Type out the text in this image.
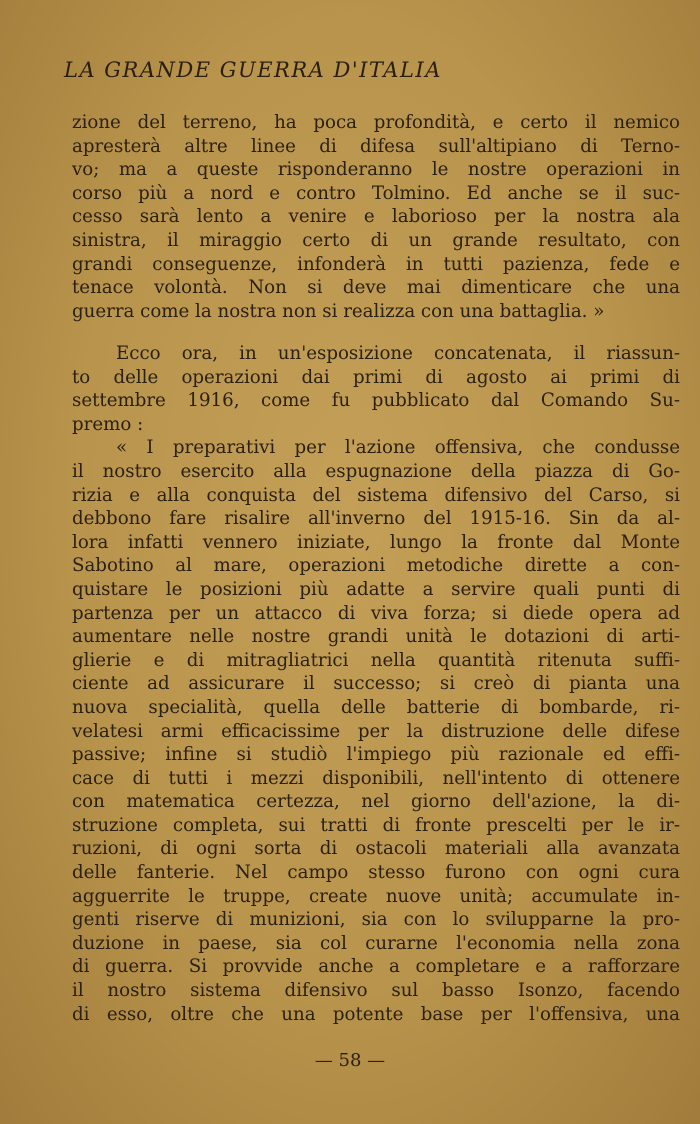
LA GRANDE GUERRA D'ITALIA
zione del terreno, ha poca profondità, e certo il nemico
apresterà altre linee di difesa sull'altipiano di Terno-
vo; ma a queste risponderanno le nostre operazioni in
corso più a nord e contro Tolmino. Ed anche se il suc-
cesso sarà lento a venire e laborioso per la nostra ala
sinistra, il miraggio certo di un grande resultato, con
grandi conseguenze, infonderà in tutti pazienza, fede e
tenace volontà. Non si deve mai dimenticare che una
guerra come la nostra non si realizza con una battaglia. »
Ecco ora, in un'esposizione concatenata, il riassun-
to delle operazioni dai primi di agosto ai primi di
settembre 1916, come fu pubblicato dal Comando Su-
premo :
« I preparativi per l'azione offensiva, che condusse
il nostro esercito alla espugnazione della piazza di Go-
rizia e alla conquista del sistema difensivo del Carso, si
debbono fare risalire all'inverno del 1915-16. Sin da al-
lora infatti vennero iniziate, lungo la fronte dal Monte
Sabotino al mare, operazioni metodiche dirette a con-
quistare le posizioni più adatte a servire quali punti di
partenza per un attacco di viva forza; si diede opera ad
aumentare nelle nostre grandi unità le dotazioni di arti-
glierie e di mitragliatrici nella quantità ritenuta suffi-
ciente ad assicurare il successo; si creò di pianta una
nuova specialità, quella delle batterie di bombarde, ri-
velatesi armi efficacissime per la distruzione delle difese
passive; infine si studiò l'impiego più razionale ed effi-
cace di tutti i mezzi disponibili, nell'intento di ottenere
con matematica certezza, nel giorno dell'azione, la di-
struzione completa, sui tratti di fronte prescelti per le ir-
ruzioni, di ogni sorta di ostacoli materiali alla avanzata
delle fanterie. Nel campo stesso furono con ogni cura
agguerrite le truppe, create nuove unità; accumulate in-
genti riserve di munizioni, sia con lo svilupparne la pro-
duzione in paese, sia col curarne l'economia nella zona
di guerra. Si provvide anche a completare e a rafforzare
il nostro sistema difensivo sul basso Isonzo, facendo
di esso, oltre che una potente base per l'offensiva, una
— 58 —
